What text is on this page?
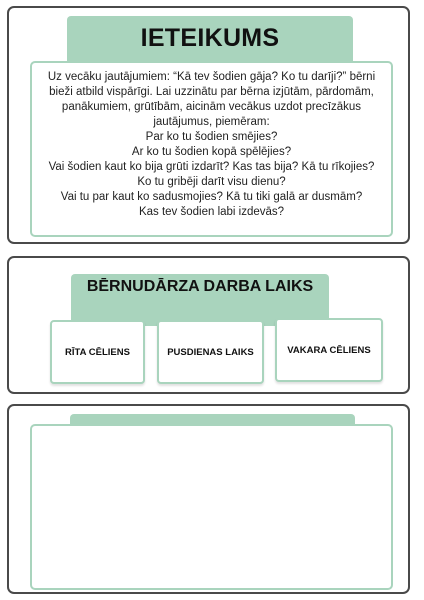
IETEIKUMS

Uz vecāku jautājumiem: “Kā tev šodien gāja? Ko tu darīji?” bērni bieži atbild vispārīgi. Lai uzzinātu par bērna izjūtām, pārdomām, panākumiem, grūtībām, aicinām vecākus uzdot precīzākus jautājumus, piemēram:

Par ko tu šodien smējies?

Ar ko tu šodien kopā spēlējies?

Vai šodien kaut ko bija grūti izdarīt? Kas tas bija? Kā tu rīkojies?

Ko tu gribēji darīt visu dienu?

Vai tu par kaut ko sadusmojies? Kā tu tiki galā ar dusmām?

Kas tev šodien labi izdevās?

BĒRNUDĀRZA DARBA LAIKS
RĪTA CĒLIENS	PUSDIENAS LAIKS	VAKARA CĒLIENS
